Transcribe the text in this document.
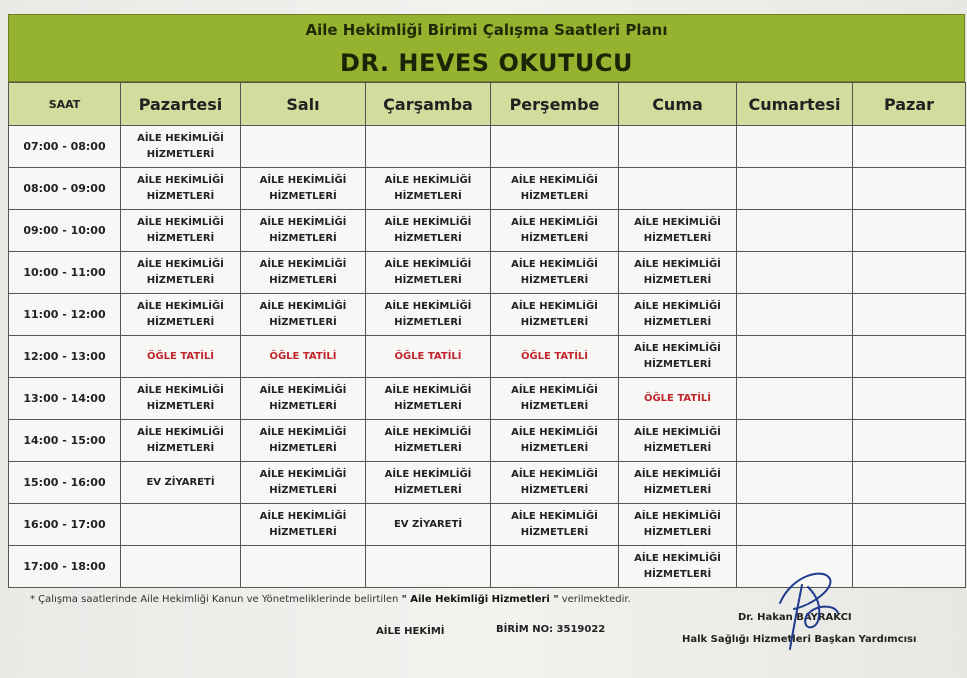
Aile Hekimliği Birimi Çalışma Saatleri Planı
DR. HEVES OKUTUCU
SAAT	Pazartesi	Salı	Çarşamba	Perşembe	Cuma	Cumartesi	Pazar
07:00 - 08:00	AİLE HEKİMLİĞİ HİZMETLERİ						

08:00 - 09:00	AİLE HEKİMLİĞİ HİZMETLERİ	AİLE HEKİMLİĞİ HİZMETLERİ	AİLE HEKİMLİĞİ HİZMETLERİ	AİLE HEKİMLİĞİ HİZMETLERİ			

09:00 - 10:00	AİLE HEKİMLİĞİ HİZMETLERİ	AİLE HEKİMLİĞİ HİZMETLERİ	AİLE HEKİMLİĞİ HİZMETLERİ	AİLE HEKİMLİĞİ HİZMETLERİ	AİLE HEKİMLİĞİ HİZMETLERİ		

10:00 - 11:00	AİLE HEKİMLİĞİ HİZMETLERİ	AİLE HEKİMLİĞİ HİZMETLERİ	AİLE HEKİMLİĞİ HİZMETLERİ	AİLE HEKİMLİĞİ HİZMETLERİ	AİLE HEKİMLİĞİ HİZMETLERİ		

11:00 - 12:00	AİLE HEKİMLİĞİ HİZMETLERİ	AİLE HEKİMLİĞİ HİZMETLERİ	AİLE HEKİMLİĞİ HİZMETLERİ	AİLE HEKİMLİĞİ HİZMETLERİ	AİLE HEKİMLİĞİ HİZMETLERİ		

12:00 - 13:00	ÖĞLE TATİLİ	ÖĞLE TATİLİ	ÖĞLE TATİLİ	ÖĞLE TATİLİ	AİLE HEKİMLİĞİ HİZMETLERİ		

13:00 - 14:00	AİLE HEKİMLİĞİ HİZMETLERİ	AİLE HEKİMLİĞİ HİZMETLERİ	AİLE HEKİMLİĞİ HİZMETLERİ	AİLE HEKİMLİĞİ HİZMETLERİ	ÖĞLE TATİLİ		

14:00 - 15:00	AİLE HEKİMLİĞİ HİZMETLERİ	AİLE HEKİMLİĞİ HİZMETLERİ	AİLE HEKİMLİĞİ HİZMETLERİ	AİLE HEKİMLİĞİ HİZMETLERİ	AİLE HEKİMLİĞİ HİZMETLERİ		

15:00 - 16:00	EV ZİYARETİ	AİLE HEKİMLİĞİ HİZMETLERİ	AİLE HEKİMLİĞİ HİZMETLERİ	AİLE HEKİMLİĞİ HİZMETLERİ	AİLE HEKİMLİĞİ HİZMETLERİ		

16:00 - 17:00		AİLE HEKİMLİĞİ HİZMETLERİ	EV ZİYARETİ	AİLE HEKİMLİĞİ HİZMETLERİ	AİLE HEKİMLİĞİ HİZMETLERİ		

17:00 - 18:00					AİLE HEKİMLİĞİ HİZMETLERİ		

* Çalışma saatlerinde Aile Hekimliği Kanun ve Yönetmeliklerinde belirtilen " Aile Hekimliği Hizmetleri " verilmektedir.
AİLE HEKİMİ	BİRİM NO: 3519022
Dr. Hakan BAYRAKCI
Halk Sağlığı Hizmetleri Başkan Yardımcısı
